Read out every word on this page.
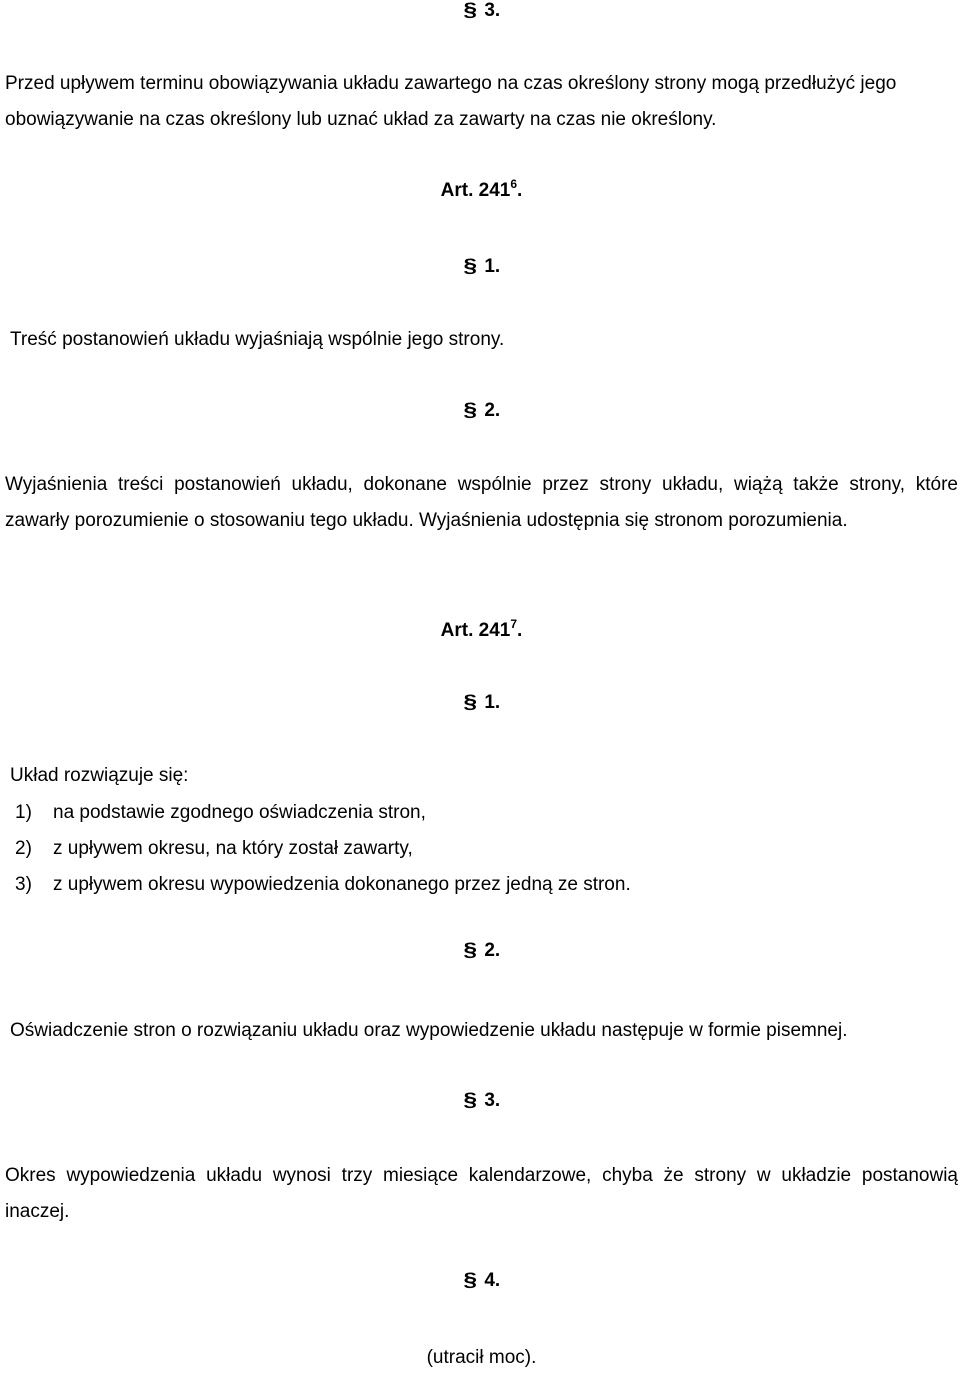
§ 3.

Przed upływem terminu obowiązywania układu zawartego na czas określony strony mogą przedłużyć jego obowiązywanie na czas określony lub uznać układ za zawarty na czas nie określony.

Art. $241^6$.
§ 1.

Treść postanowień układu wyjaśniają wspólnie jego strony.

§ 2.

Wyjaśnienia treści postanowień układu, dokonane wspólnie przez strony układu, wiążą także strony, które zawarły porozumienie o stosowaniu tego układu. Wyjaśnienia udostępnia się stronom porozumienia.

Art. $241^7$.
§ 1.

Układ rozwiązuje się:

1) na podstawie zgodnego oświadczenia stron,
2) z upływem okresu, na który został zawarty,
3) z upływem okresu wypowiedzenia dokonanego przez jedną ze stron.
§ 2.

Oświadczenie stron o rozwiązaniu układu oraz wypowiedzenie układu następuje w formie pisemnej.

§ 3.

Okres wypowiedzenia układu wynosi trzy miesiące kalendarzowe, chyba że strony w układzie postanowią inaczej.

§ 4.

(utracił moc).
